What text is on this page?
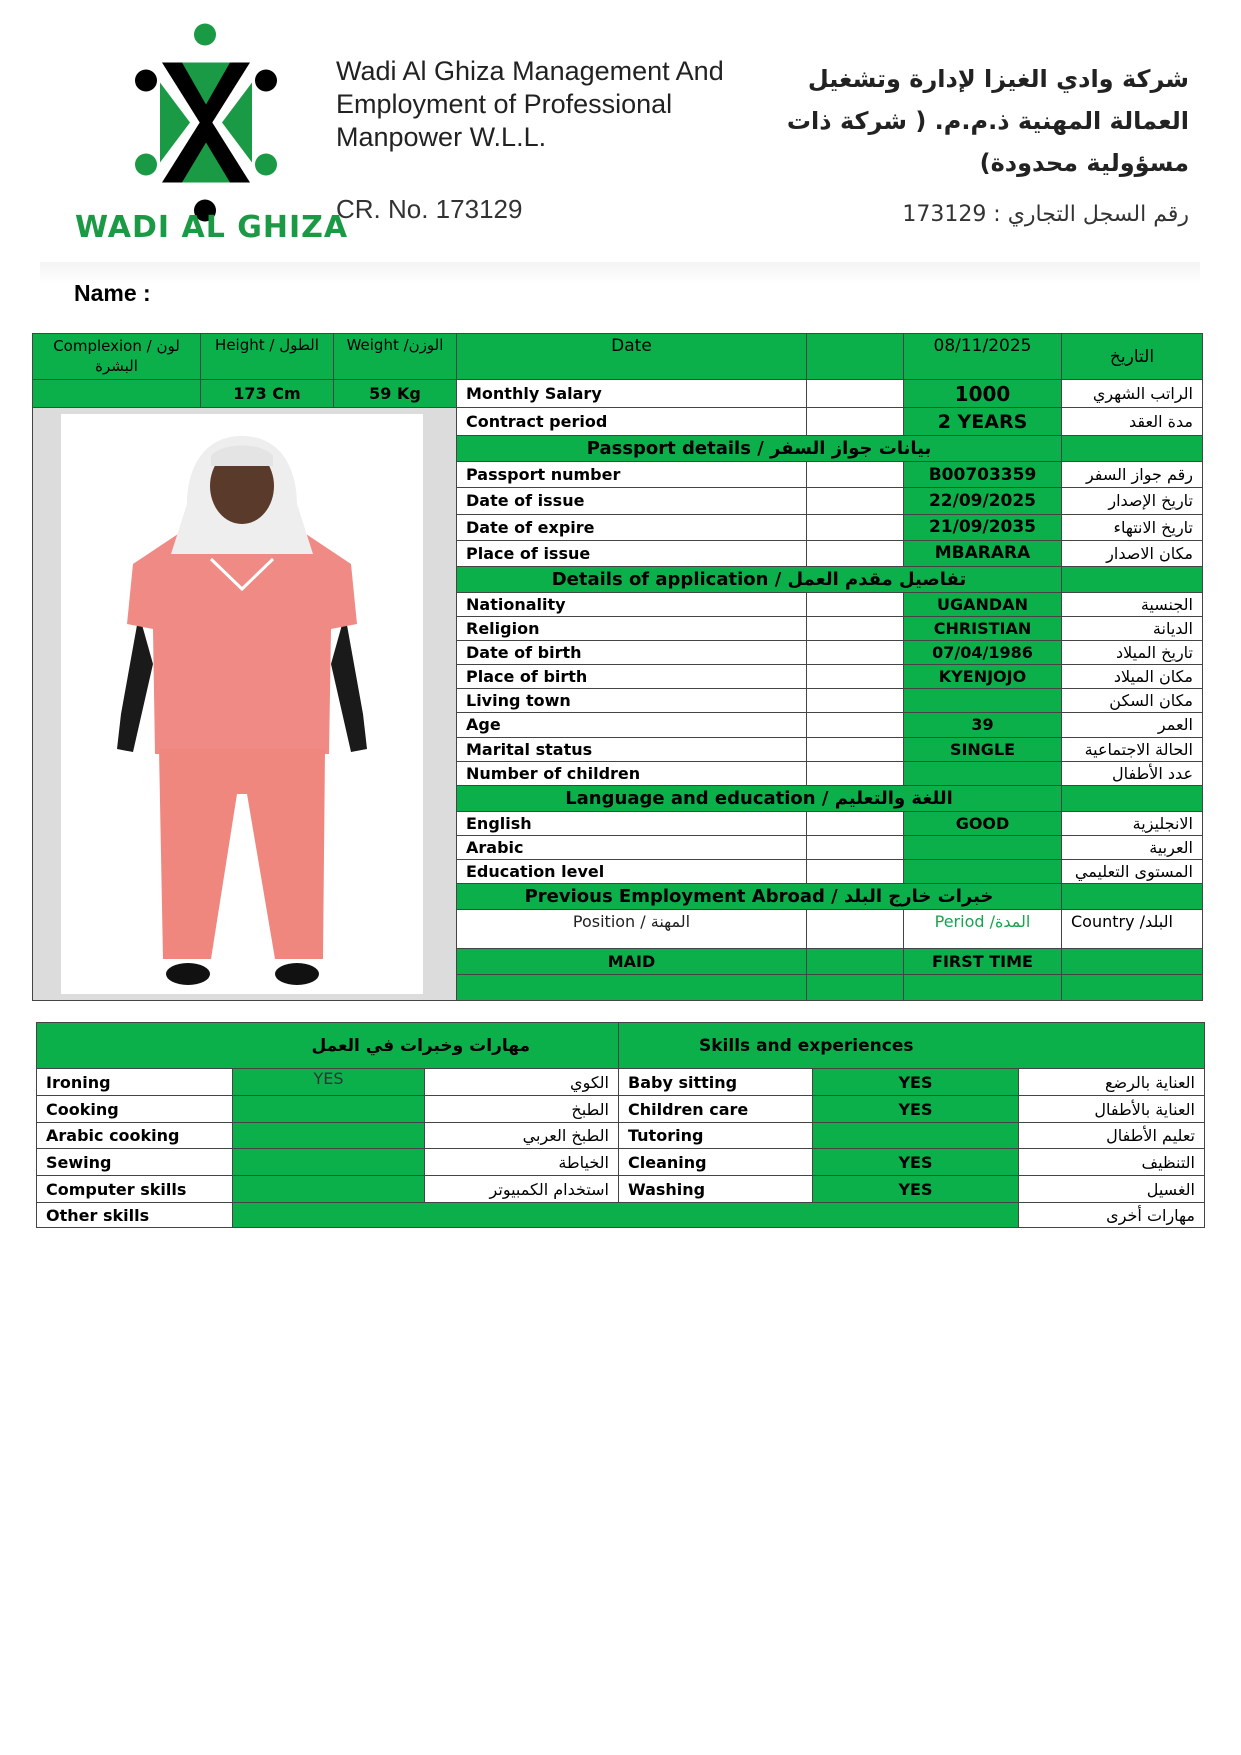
WADI AL GHIZA
Wadi Al Ghiza Management And
Employment of Professional
Manpower W.L.L.
CR. No. 173129
شركة وادي الغيزا لإدارة وتشغيل العمالة المهنية ذ.م.م. ( شركة ذات مسؤولية محدودة)
رقم السجل التجاري : 173129
Name :
Complexion / لون البشرة	Height / الطول	Weight /الوزن	Date		08/11/2025	التاريخ
	173 Cm	59 Kg	Monthly Salary		1000	الراتب الشهري

	Contract period		2 YEARS	مدة العقد
			Passport details / بيانات جواز السفر			
			Passport number		B00703359	رقم جواز السفر
			Date of issue		22/09/2025	تاريخ الإصدار
			Date of expire		21/09/2035	تاريخ الانتهاء
			Place of issue		MBARARA	مكان الاصدار
			Details of application / تفاصيل مقدم العمل			
			Nationality		UGANDAN	الجنسية
			Religion		CHRISTIAN	الديانة
			Date of birth		07/04/1986	تاريخ الميلاد
			Place of birth		KYENJOJO	مكان الميلاد
			Living town			مكان السكن
			Age		39	العمر
			Marital status		SINGLE	الحالة الاجتماعية
			Number of children			عدد الأطفال
			Language and education / اللغة والتعليم			
			English		GOOD	الانجليزية
			Arabic			العربية
			Education level			المستوى التعليمي
			Previous Employment Abroad / خبرات خارج البلد			
			Position / المهنة		Period /المدة	Country /البلد
			MAID		FIRST TIME	

مهارات وخبرات في العمل			Skills and experiences		
Ironing	YES	الكوي	Baby sitting	YES	العناية بالرضع
Cooking		الطبخ	Children care	YES	العناية بالأطفال
Arabic cooking		الطبخ العربي	Tutoring		تعليم الأطفال
Sewing		الخياطة	Cleaning	YES	التنظيف
Computer skills		استخدام الكمبيوتر	Washing	YES	الغسيل
Other skills					مهارات أخرى
